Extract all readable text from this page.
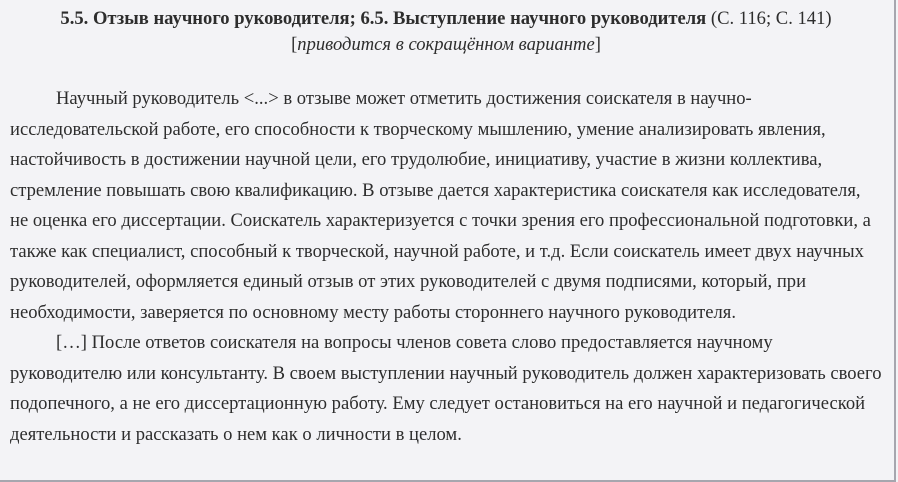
5.5. Отзыв научного руководителя; 6.5. Выступление научного руководителя (С. 116; С. 141)

[приводится в сокращённом варианте]

Научный руководитель <...> в отзыве может отметить достижения соискателя в научно-исследовательской работе, его способности к творческому мышлению, умение анализировать явления, настойчивость в достижении научной цели, его трудолюбие, инициативу, участие в жизни коллектива, стремление повышать свою квалификацию. В отзыве дается характеристика соискателя как исследователя, не оценка его диссертации. Соискатель характеризуется с точки зрения его профессиональной подготовки, а также как специалист, способный к творческой, научной работе, и т.д. Если соискатель имеет двух научных руководителей, оформляется единый отзыв от этих руководителей с двумя подписями, который, при необходимости, заверяется по основному месту работы стороннего научного руководителя.

[…] После ответов соискателя на вопросы членов совета слово предоставляется научному руководителю или консультанту. В своем выступлении научный руководитель должен характеризовать своего подопечного, а не его диссертационную работу. Ему следует остановиться на его научной и педагогической деятельности и рассказать о нем как о личности в целом.
